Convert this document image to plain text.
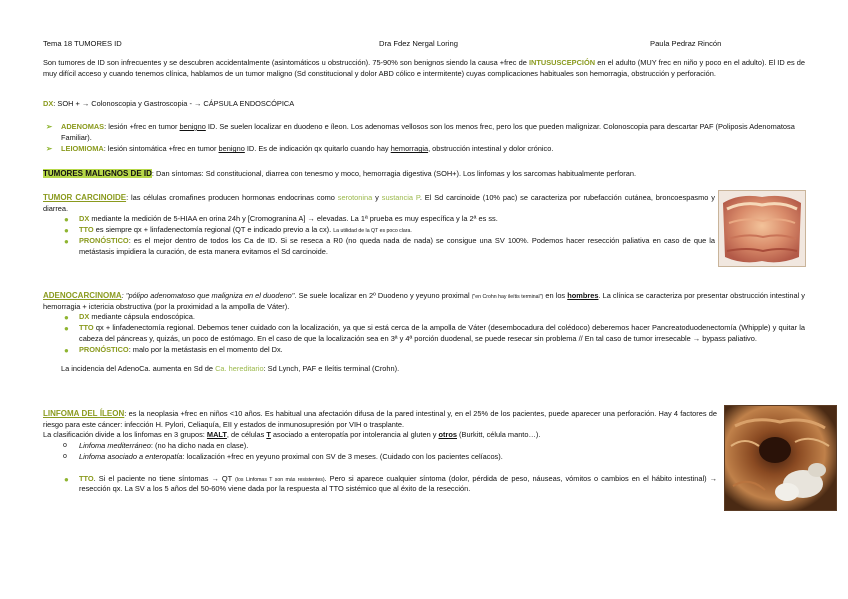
Tema 18 TUMORES ID	Dra Fdez Nergal Loring	Paula Pedraz Rincón

Son tumores de ID son infrecuentes y se descubren accidentalmente (asintomáticos u obstrucción). 75-90% son benignos siendo la causa +frec de INTUSUSCEPCIÓN en el adulto (MUY frec en niño y poco en el adulto). El ID es de muy difícil acceso y cuando tenemos clínica, hablamos de un tumor maligno (Sd constitucional y dolor ABD cólico e intermitente) cuyas complicaciones habituales son hemorragia, obstrucción y perforación.

DX: SOH + → Colonoscopia y Gastroscopia - → CÁPSULA ENDOSCÓPICA

➢ ADENOMAS: lesión +frec en tumor benigno ID. Se suelen localizar en duodeno e íleon. Los adenomas vellosos son los menos frec, pero los que pueden malignizar. Colonoscopia para descartar PAF (Poliposis Adenomatosa Familiar).
➢ LEIOMIOMA: lesión sintomática +frec en tumor benigno ID. Es de indicación qx quitarlo cuando hay hemorragia, obstrucción intestinal y dolor crónico.

TUMORES MALIGNOS DE ID: Dan síntomas: Sd constitucional, diarrea con tenesmo y moco, hemorragia digestiva (SOH+). Los linfomas y los sarcomas habitualmente perforan.

TUMOR CARCINOIDE: las células cromafines producen hormonas endocrinas como serotonina y sustancia P. El Sd carcinoide (10% pac) se caracteriza por rubefacción cutánea, broncoespasmo y diarrea.

● DX mediante la medición de 5-HIAA en orina 24h y [Cromogranina A] → elevadas. La 1ª prueba es muy específica y la 2ª es ss.
● TTO es siempre qx + linfadenectomía regional (QT e indicado previo a la cx). La utilidad de la QT es poco clara.
● PRONÓSTICO: es el mejor dentro de todos los Ca de ID. Si se reseca a R0 (no queda nada de nada) se consigue una SV 100%. Podemos hacer resección paliativa en caso de que la metástasis impidiera la curación, de esta manera evitamos el Sd carcinoide.

ADENOCARCINOMA: "pólipo adenomatoso que maligniza en el duodeno". Se suele localizar en 2º Duodeno y yeyuno proximal ("en Crohn hay ileítis terminal") en los hombres. La clínica se caracteriza por presentar obstrucción intestinal y hemorragia + ictericia obstructiva (por la proximidad a la ampolla de Váter).

● DX mediante cápsula endoscópica.
● TTO qx + linfadenectomía regional. Debemos tener cuidado con la localización, ya que si está cerca de la ampolla de Váter (desembocadura del colédoco) deberemos hacer Pancreatoduodenectomía (Whipple) y quitar la cabeza del páncreas y, quizás, un poco de estómago. En el caso de que la localización sea en 3ª y 4ª porción duodenal, se puede resecar sin problema // En tal caso de tumor irresecable → bypass paliativo.
● PRONÓSTICO: malo por la metástasis en el momento del Dx.

La incidencia del AdenoCa. aumenta en Sd de Ca. hereditario: Sd Lynch, PAF e Ileítis terminal (Crohn).

LINFOMA DEL ÍLEON: es la neoplasia +frec en niños <10 años. Es habitual una afectación difusa de la pared intestinal y, en el 25% de los pacientes, puede aparecer una perforación. Hay 4 factores de riesgo para este cáncer: infección H. Pylori, Celiaquía, EII y estados de inmunosupresión por VIH o trasplante.

La clasificación divide a los linfomas en 3 grupos: MALT, de células T asociado a enteropatía por intolerancia al gluten y otros (Burkitt, célula manto…).

o Linfoma mediterráneo: (no ha dicho nada en clase).
o Linfoma asociado a enteropatía: localización +frec en yeyuno proximal con SV de 3 meses. (Cuidado con los pacientes celíacos).
● TTO. Si el paciente no tiene síntomas → QT (los Linfomas T son más resistentes). Pero si aparece cualquier síntoma (dolor, pérdida de peso, náuseas, vómitos o cambios en el hábito intestinal) → resección qx. La SV a los 5 años del 50-60% viene dada por la respuesta al TTO sistémico que al éxito de la resección.
